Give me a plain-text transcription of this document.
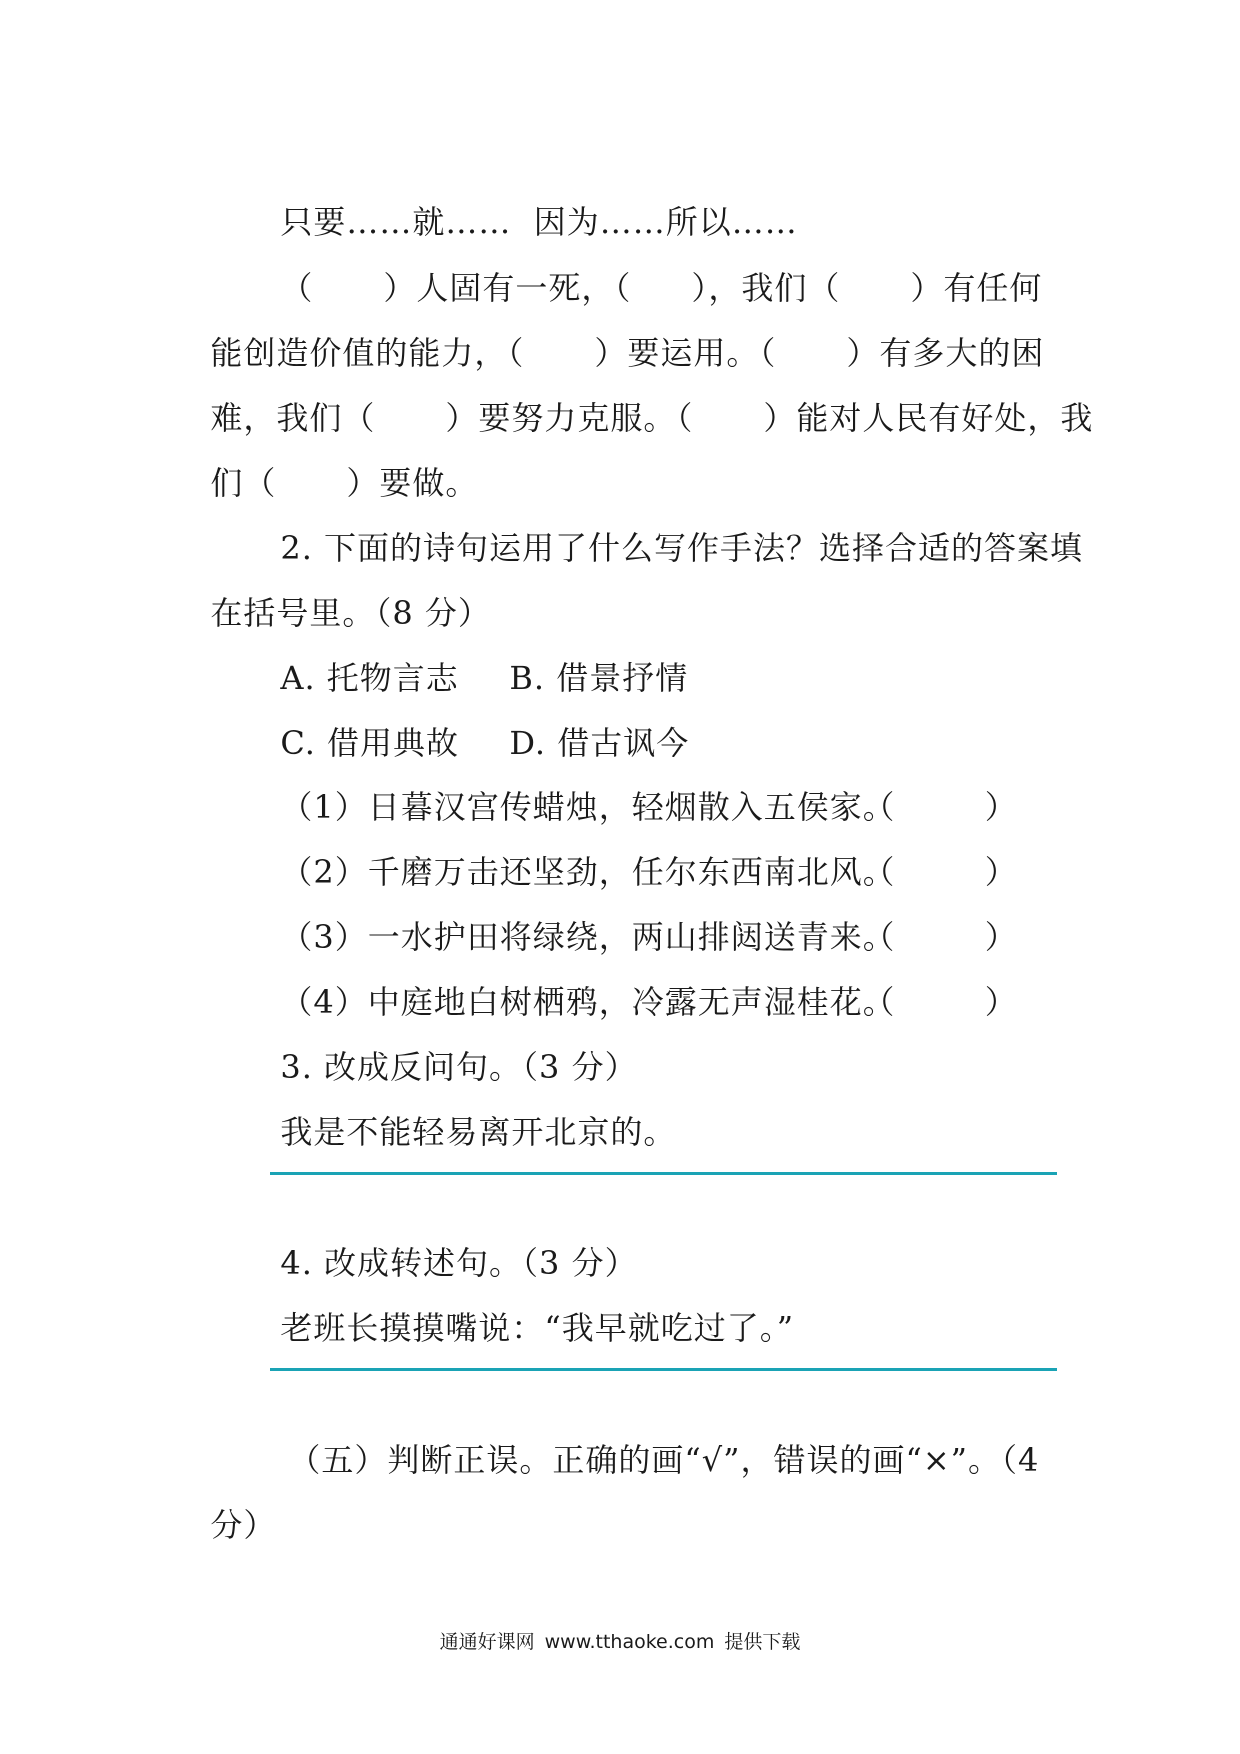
只要……就……  因为……所以……

（ ）人固有一死，（ ），我们（ ）有任何

能创造价值的能力，（ ）要运用。（ ）有多大的困

难，我们（ ）要努力克服。（ ）能对人民有好处，我

们（ ）要做。

2. 下面的诗句运用了什么写作手法？选择合适的答案填

在括号里。（8 分）

A. 托物言志	B. 借景抒情

C. 借用典故	D. 借古讽今

（1）日暮汉宫传蜡烛，轻烟散入五侯家。

（        ）

（2）千磨万击还坚劲，任尔东西南北风。

（        ）

（3）一水护田将绿绕，两山排闼送青来。

（        ）

（4）中庭地白树栖鸦，冷露无声湿桂花。

（        ）

3. 改成反问句。（3 分）

我是不能轻易离开北京的。

4. 改成转述句。（3 分）

老班长摸摸嘴说：“我早就吃过了。”

（五）判断正误。正确的画“√”，错误的画“×”。（4

分）

通通好课网 www.tthaoke.com 提供下载
